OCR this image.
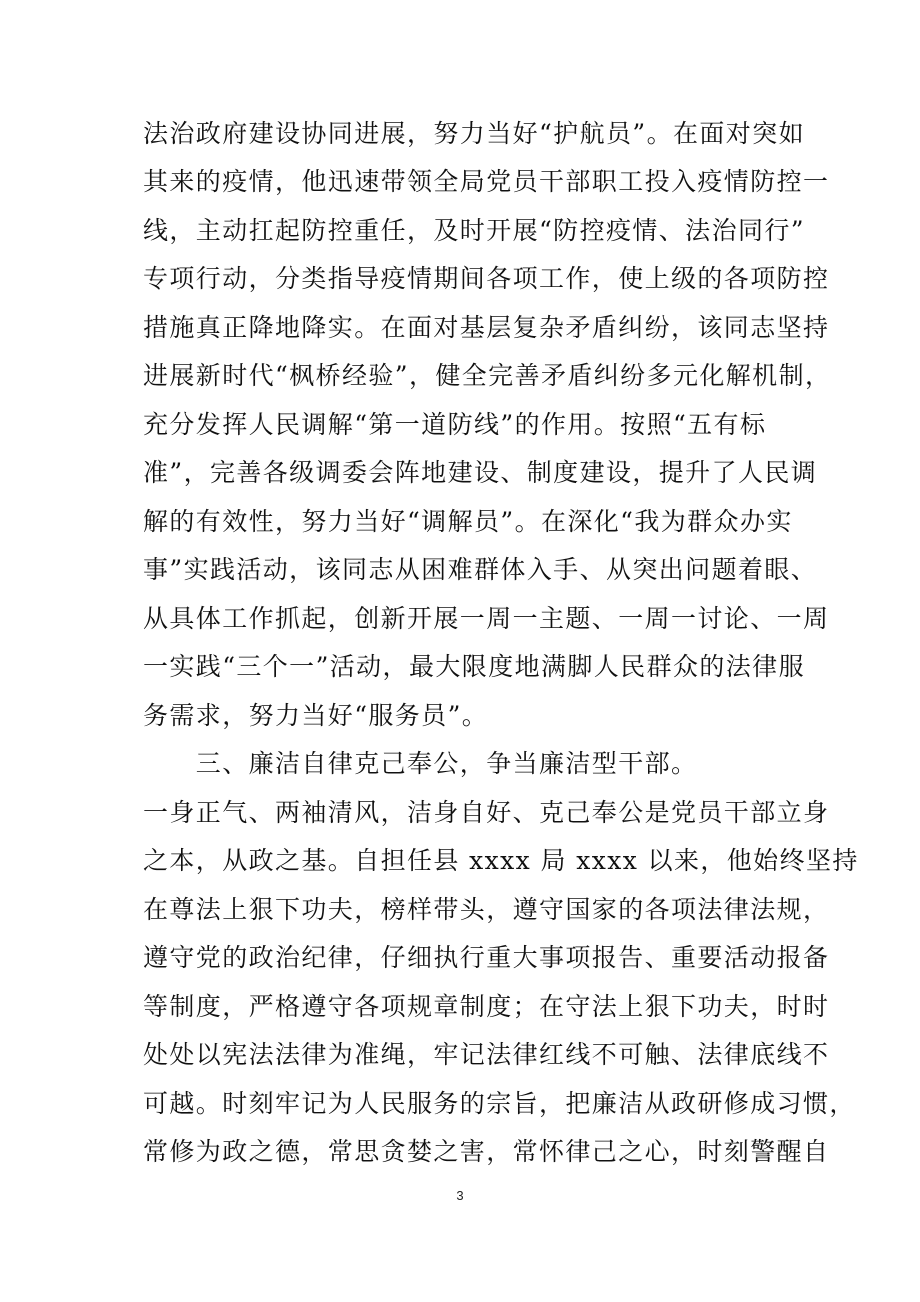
法治政府建设协同进展，努力当好“护航员”。在面对突如
其来的疫情，他迅速带领全局党员干部职工投入疫情防控一
线，主动扛起防控重任，及时开展“防控疫情、法治同行”
专项行动，分类指导疫情期间各项工作，使上级的各项防控
措施真正降地降实。在面对基层复杂矛盾纠纷，该同志坚持
进展新时代“枫桥经验”，健全完善矛盾纠纷多元化解机制，
充分发挥人民调解“第一道防线”的作用。按照“五有标
准”，完善各级调委会阵地建设、制度建设，提升了人民调
解的有效性，努力当好“调解员”。在深化“我为群众办实
事”实践活动，该同志从困难群体入手、从突出问题着眼、
从具体工作抓起，创新开展一周一主题、一周一讨论、一周
一实践“三个一”活动，最大限度地满脚人民群众的法律服
务需求，努力当好“服务员”。
　　三、廉洁自律克己奉公，争当廉洁型干部。
一身正气、两袖清风，洁身自好、克己奉公是党员干部立身
之本，从政之基。自担任县 xxxx 局 xxxx 以来，他始终坚持
在尊法上狠下功夫，榜样带头，遵守国家的各项法律法规，
遵守党的政治纪律，仔细执行重大事项报告、重要活动报备
等制度，严格遵守各项规章制度；在守法上狠下功夫，时时
处处以宪法法律为准绳，牢记法律红线不可触、法律底线不
可越。时刻牢记为人民服务的宗旨，把廉洁从政研修成习惯，
常修为政之德，常思贪婪之害，常怀律己之心，时刻警醒自
3
